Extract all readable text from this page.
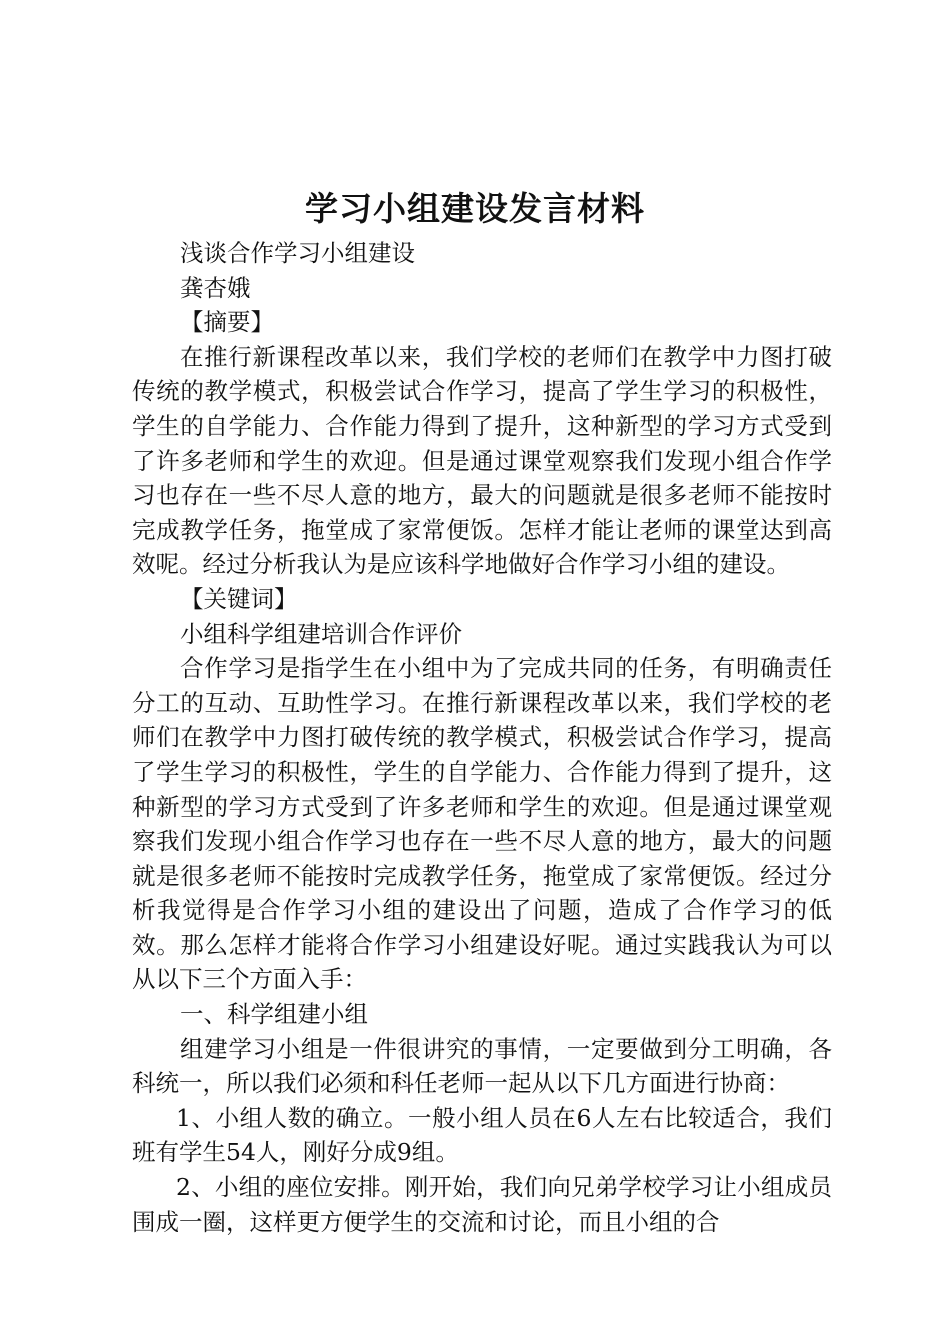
学习小组建设发言材料

浅谈合作学习小组建设

龚杏娥

【摘要】

在推行新课程改革以来，我们学校的老师们在教学中力图打破传统的教学模式，积极尝试合作学习，提高了学生学习的积极性，学生的自学能力、合作能力得到了提升，这种新型的学习方式受到了许多老师和学生的欢迎。但是通过课堂观察我们发现小组合作学习也存在一些不尽人意的地方，最大的问题就是很多老师不能按时完成教学任务，拖堂成了家常便饭。怎样才能让老师的课堂达到高效呢。经过分析我认为是应该科学地做好合作学习小组的建设。

【关键词】

小组科学组建培训合作评价

合作学习是指学生在小组中为了完成共同的任务，有明确责任分工的互动、互助性学习。在推行新课程改革以来，我们学校的老师们在教学中力图打破传统的教学模式，积极尝试合作学习，提高了学生学习的积极性，学生的自学能力、合作能力得到了提升，这种新型的学习方式受到了许多老师和学生的欢迎。但是通过课堂观察我们发现小组合作学习也存在一些不尽人意的地方，最大的问题就是很多老师不能按时完成教学任务，拖堂成了家常便饭。经过分析我觉得是合作学习小组的建设出了问题，造成了合作学习的低效。那么怎样才能将合作学习小组建设好呢。通过实践我认为可以从以下三个方面入手：

一、科学组建小组

组建学习小组是一件很讲究的事情，一定要做到分工明确，各科统一，所以我们必须和科任老师一起从以下几方面进行协商：

1、小组人数的确立。一般小组人员在6人左右比较适合，我们班有学生54人，刚好分成9组。

2、小组的座位安排。刚开始，我们向兄弟学校学习让小组成员围成一圈，这样更方便学生的交流和讨论，而且小组的合
